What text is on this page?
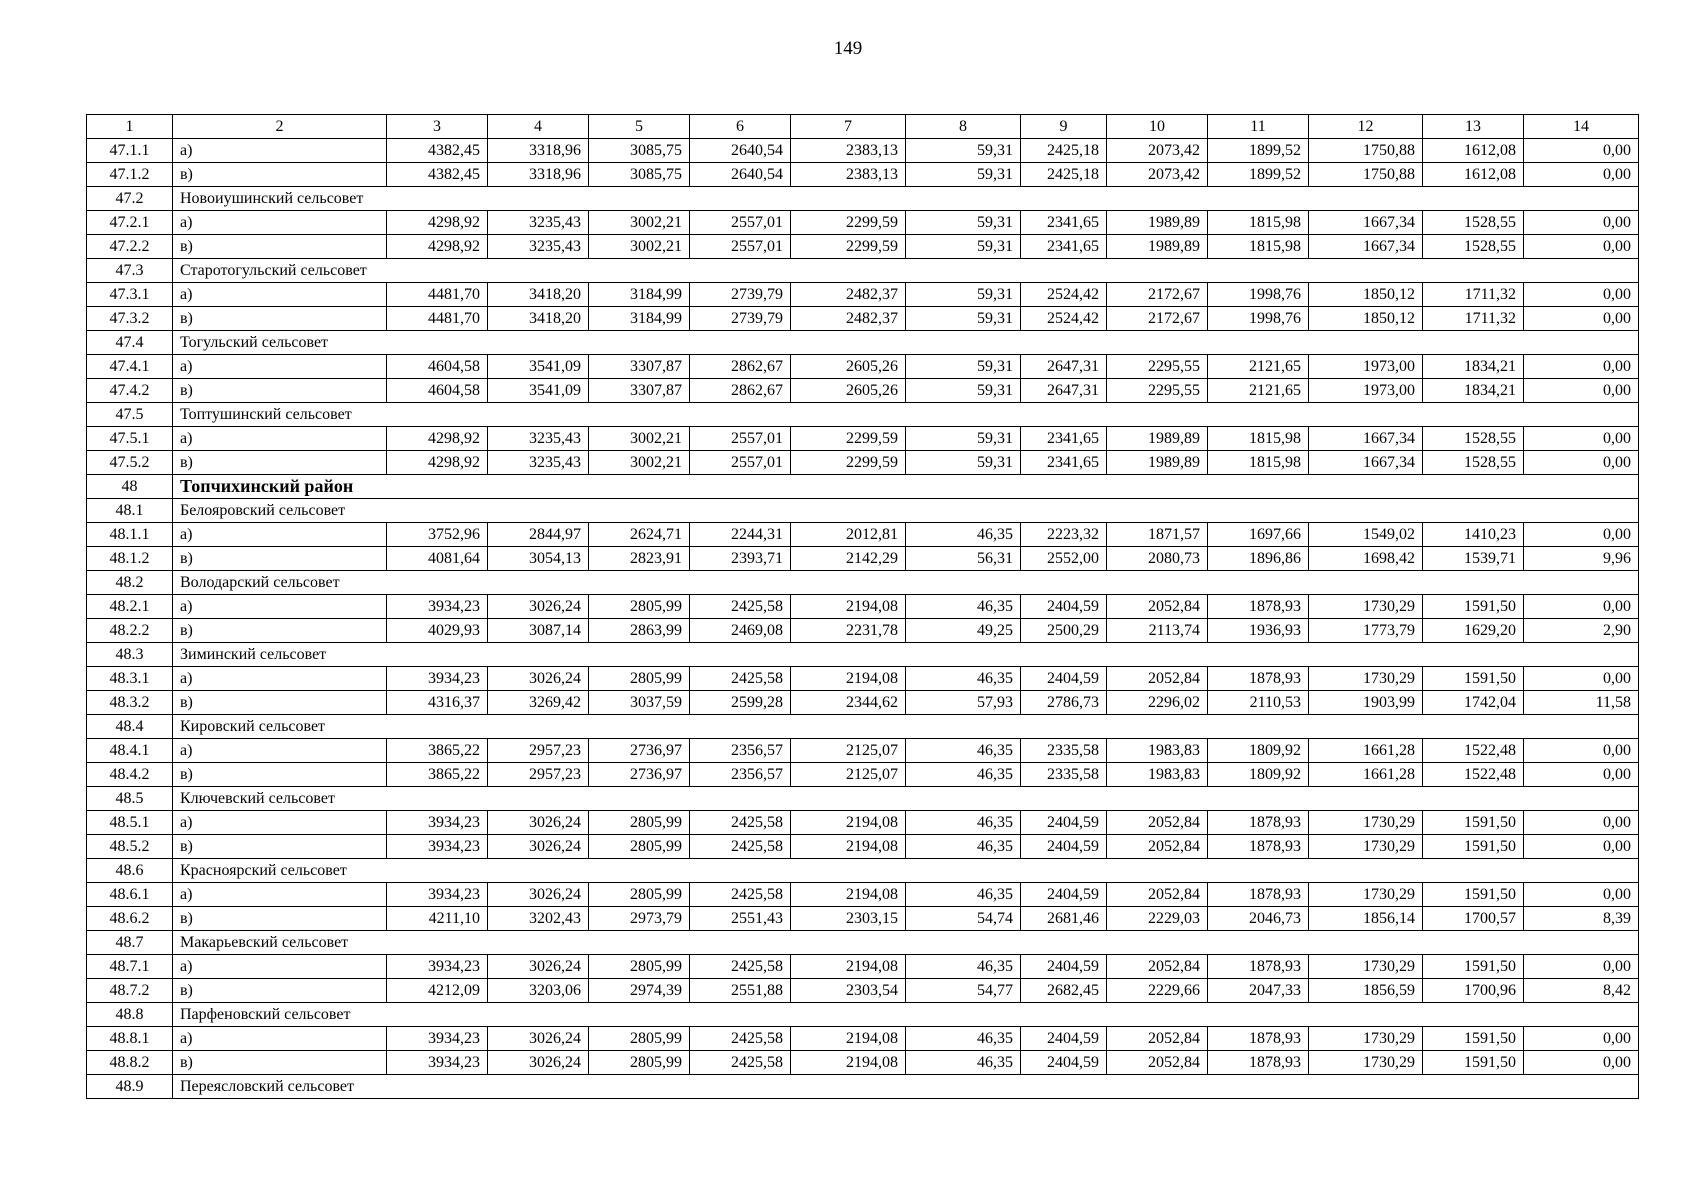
149
1	2	3	4	5	6	7	8	9	10	11	12	13	14
47.1.1	а)	4382,45	3318,96	3085,75	2640,54	2383,13	59,31	2425,18	2073,42	1899,52	1750,88	1612,08	0,00
47.1.2	в)	4382,45	3318,96	3085,75	2640,54	2383,13	59,31	2425,18	2073,42	1899,52	1750,88	1612,08	0,00
47.2	Новоиушинский сельсовет												
47.2.1	а)	4298,92	3235,43	3002,21	2557,01	2299,59	59,31	2341,65	1989,89	1815,98	1667,34	1528,55	0,00
47.2.2	в)	4298,92	3235,43	3002,21	2557,01	2299,59	59,31	2341,65	1989,89	1815,98	1667,34	1528,55	0,00
47.3	Старотогульский сельсовет												
47.3.1	а)	4481,70	3418,20	3184,99	2739,79	2482,37	59,31	2524,42	2172,67	1998,76	1850,12	1711,32	0,00
47.3.2	в)	4481,70	3418,20	3184,99	2739,79	2482,37	59,31	2524,42	2172,67	1998,76	1850,12	1711,32	0,00
47.4	Тогульский сельсовет												
47.4.1	а)	4604,58	3541,09	3307,87	2862,67	2605,26	59,31	2647,31	2295,55	2121,65	1973,00	1834,21	0,00
47.4.2	в)	4604,58	3541,09	3307,87	2862,67	2605,26	59,31	2647,31	2295,55	2121,65	1973,00	1834,21	0,00
47.5	Топтушинский сельсовет												
47.5.1	а)	4298,92	3235,43	3002,21	2557,01	2299,59	59,31	2341,65	1989,89	1815,98	1667,34	1528,55	0,00
47.5.2	в)	4298,92	3235,43	3002,21	2557,01	2299,59	59,31	2341,65	1989,89	1815,98	1667,34	1528,55	0,00
48	Топчихинский район												
48.1	Белояровский сельсовет												
48.1.1	а)	3752,96	2844,97	2624,71	2244,31	2012,81	46,35	2223,32	1871,57	1697,66	1549,02	1410,23	0,00
48.1.2	в)	4081,64	3054,13	2823,91	2393,71	2142,29	56,31	2552,00	2080,73	1896,86	1698,42	1539,71	9,96
48.2	Володарский сельсовет												
48.2.1	а)	3934,23	3026,24	2805,99	2425,58	2194,08	46,35	2404,59	2052,84	1878,93	1730,29	1591,50	0,00
48.2.2	в)	4029,93	3087,14	2863,99	2469,08	2231,78	49,25	2500,29	2113,74	1936,93	1773,79	1629,20	2,90
48.3	Зиминский сельсовет												
48.3.1	а)	3934,23	3026,24	2805,99	2425,58	2194,08	46,35	2404,59	2052,84	1878,93	1730,29	1591,50	0,00
48.3.2	в)	4316,37	3269,42	3037,59	2599,28	2344,62	57,93	2786,73	2296,02	2110,53	1903,99	1742,04	11,58
48.4	Кировский сельсовет												
48.4.1	а)	3865,22	2957,23	2736,97	2356,57	2125,07	46,35	2335,58	1983,83	1809,92	1661,28	1522,48	0,00
48.4.2	в)	3865,22	2957,23	2736,97	2356,57	2125,07	46,35	2335,58	1983,83	1809,92	1661,28	1522,48	0,00
48.5	Ключевский сельсовет												
48.5.1	а)	3934,23	3026,24	2805,99	2425,58	2194,08	46,35	2404,59	2052,84	1878,93	1730,29	1591,50	0,00
48.5.2	в)	3934,23	3026,24	2805,99	2425,58	2194,08	46,35	2404,59	2052,84	1878,93	1730,29	1591,50	0,00
48.6	Красноярский сельсовет												
48.6.1	а)	3934,23	3026,24	2805,99	2425,58	2194,08	46,35	2404,59	2052,84	1878,93	1730,29	1591,50	0,00
48.6.2	в)	4211,10	3202,43	2973,79	2551,43	2303,15	54,74	2681,46	2229,03	2046,73	1856,14	1700,57	8,39
48.7	Макарьевский сельсовет												
48.7.1	а)	3934,23	3026,24	2805,99	2425,58	2194,08	46,35	2404,59	2052,84	1878,93	1730,29	1591,50	0,00
48.7.2	в)	4212,09	3203,06	2974,39	2551,88	2303,54	54,77	2682,45	2229,66	2047,33	1856,59	1700,96	8,42
48.8	Парфеновский сельсовет												
48.8.1	а)	3934,23	3026,24	2805,99	2425,58	2194,08	46,35	2404,59	2052,84	1878,93	1730,29	1591,50	0,00
48.8.2	в)	3934,23	3026,24	2805,99	2425,58	2194,08	46,35	2404,59	2052,84	1878,93	1730,29	1591,50	0,00
48.9	Переясловский сельсовет												
